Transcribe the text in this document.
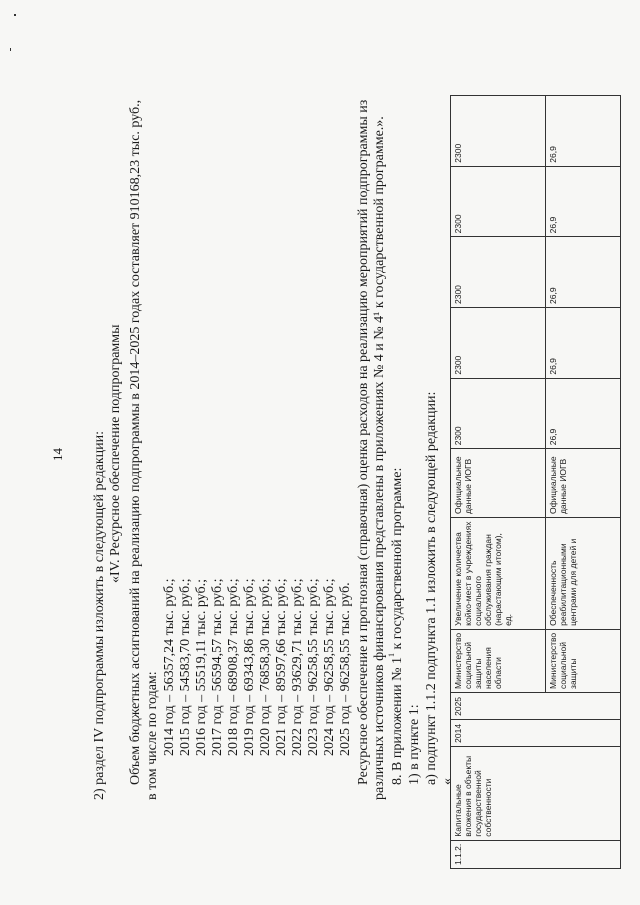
14 2) раздел IV подпрограммы изложить в следующей редакции: «IV. Ресурсное обеспечение подпрограммы Объем бюджетных ассигнований на реализацию подпрограммы в 2014–2025 годах составляет 910168,23 тыс. руб., в том числе по годам: 2014 год – 56357,24 тыс. руб.; 2015 год – 54583,70 тыс. руб.; 2016 год – 55519,11 тыс. руб.; 2017 год – 56594,57 тыс. руб.; 2018 год – 68908,37 тыс. руб.; 2019 год – 69343,86 тыс. руб.; 2020 год – 76858,30 тыс. руб.; 2021 год – 89597,66 тыс. руб.; 2022 год – 93629,71 тыс. руб.; 2023 год – 96258,55 тыс. руб.; 2024 год – 96258,55 тыс. руб.; 2025 год – 96258,55 тыс. руб. Ресурсное обеспечение и прогнозная (справочная) оценка расходов на реализацию мероприятий подпрограммы из различных источников финансирования представлены в приложениях № 4 и № 4¹ к государственной программе.». 8. В приложении № $1^1$ к государственной программе:
1) в пункте 1: а) подпункт 1.1.2 подпункта 1.1 изложить в следующей редакции: «
1.1.2.	Капитальные вложения в объекты государственной собственности	2014	2025	Министерство социальной защиты населения области	Увеличение количества койко-мест в учреждениях социального обслуживания граждан (нарастающим итогом), ед.	Официальные данные ИОГВ	2300	2300	2300	2300	2300
				Министерство социальной защиты	Обеспеченность реабилитационными центрами для детей и	Официальные данные ИОГВ	26,9	26,9	26,9	26,9	26,9
